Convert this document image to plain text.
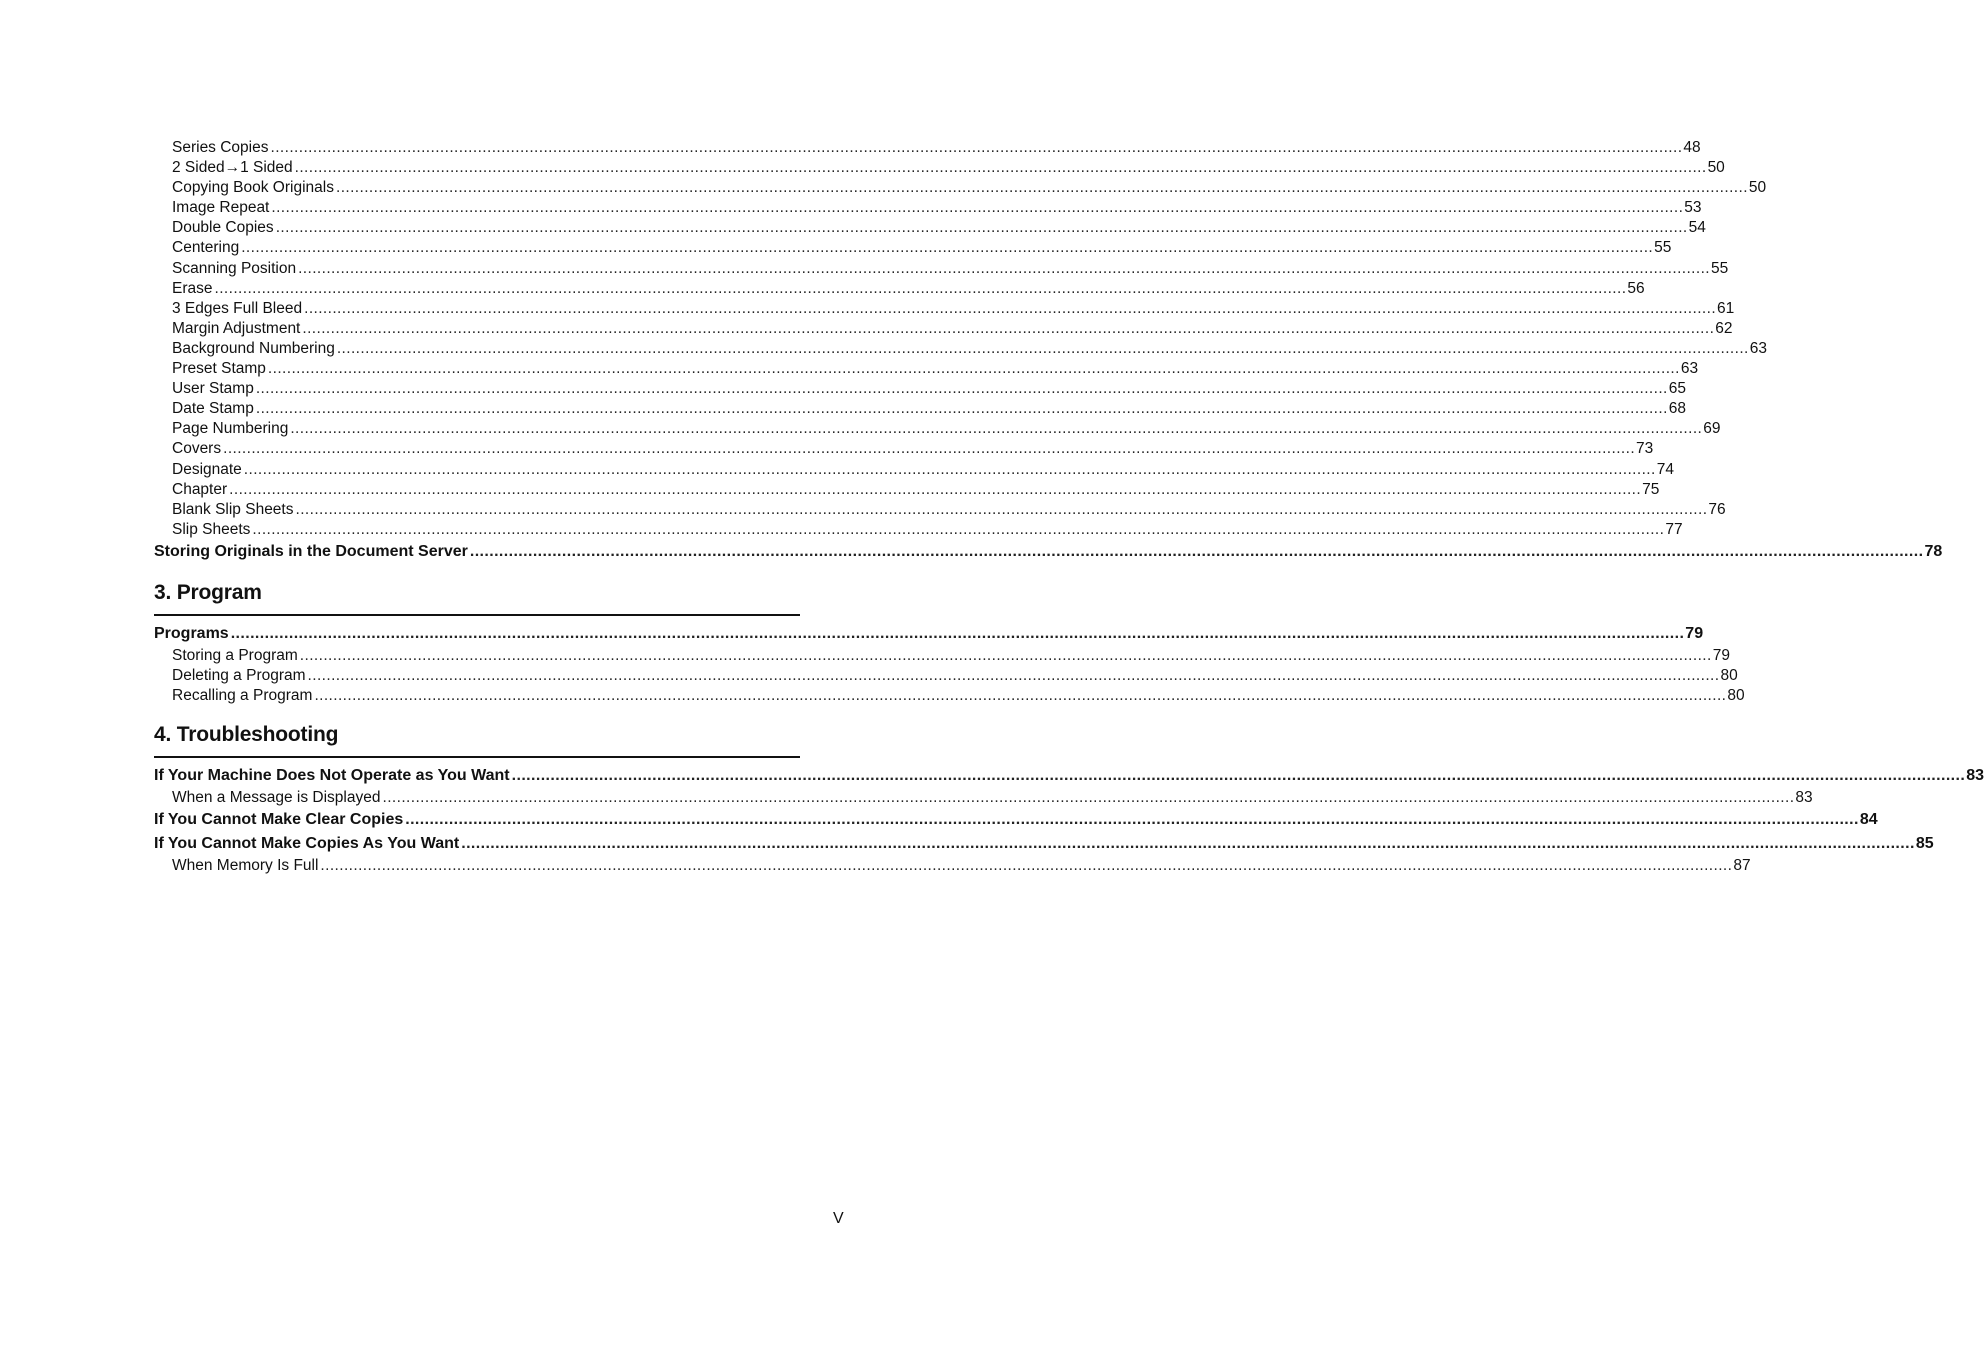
Series Copies ............................................................................................................................................................................................................................................................................................................ 48
2 Sided→1 Sided ............................................................................................................................................................................................................................................................................................................ 50
Copying Book Originals ............................................................................................................................................................................................................................................................................................................ 50
Image Repeat ............................................................................................................................................................................................................................................................................................................ 53
Double Copies ............................................................................................................................................................................................................................................................................................................ 54
Centering ............................................................................................................................................................................................................................................................................................................ 55
Scanning Position ............................................................................................................................................................................................................................................................................................................ 55
Erase ............................................................................................................................................................................................................................................................................................................ 56
3 Edges Full Bleed ............................................................................................................................................................................................................................................................................................................ 61
Margin Adjustment ............................................................................................................................................................................................................................................................................................................ 62
Background Numbering ............................................................................................................................................................................................................................................................................................................ 63
Preset Stamp ............................................................................................................................................................................................................................................................................................................ 63
User Stamp ............................................................................................................................................................................................................................................................................................................ 65
Date Stamp ............................................................................................................................................................................................................................................................................................................ 68
Page Numbering ............................................................................................................................................................................................................................................................................................................ 69
Covers ............................................................................................................................................................................................................................................................................................................ 73
Designate ............................................................................................................................................................................................................................................................................................................ 74
Chapter ............................................................................................................................................................................................................................................................................................................ 75
Blank Slip Sheets ............................................................................................................................................................................................................................................................................................................ 76
Slip Sheets ............................................................................................................................................................................................................................................................................................................ 77
Storing Originals in the Document Server ............................................................................................................................................................................................................................................................................................................ 78
3. Program
Programs ............................................................................................................................................................................................................................................................................................................ 79
Storing a Program ............................................................................................................................................................................................................................................................................................................ 79
Deleting a Program ............................................................................................................................................................................................................................................................................................................ 80
Recalling a Program ............................................................................................................................................................................................................................................................................................................ 80
4. Troubleshooting
If Your Machine Does Not Operate as You Want ............................................................................................................................................................................................................................................................................................................ 83
When a Message is Displayed ............................................................................................................................................................................................................................................................................................................ 83
If You Cannot Make Clear Copies ............................................................................................................................................................................................................................................................................................................ 84
If You Cannot Make Copies As You Want ............................................................................................................................................................................................................................................................................................................ 85
When Memory Is Full ............................................................................................................................................................................................................................................................................................................ 87
V
